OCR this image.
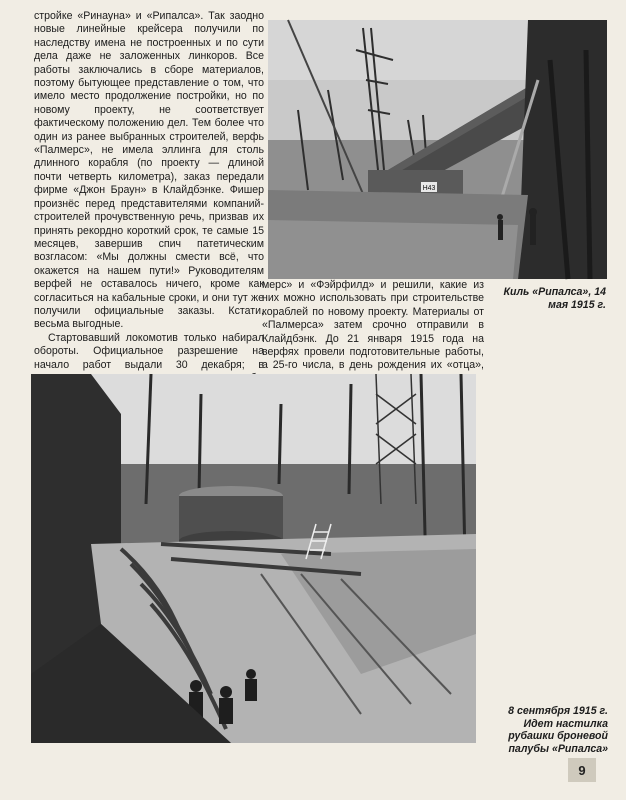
стройке «Ринауна» и «Рипалса». Так заодно новые линейные крейсера получили по наследству имена не построенных и по сути дела даже не заложенных линкоров. Все работы заключались в сборе материалов, поэтому бытующее представление о том, что имело место продолжение постройки, но по новому проекту, не соответствует фактическому положению дел. Тем более что один из ранее выбранных строителей, верфь «Палмерс», не имела эллинга для столь длинного корабля (по проекту — длиной почти четверть километра), заказ передали фирме «Джон Браун» в Клайдбэнке. Фишер произнёс перед представителями компаний-строителей прочувственную речь, призвав их принять рекордно короткий срок, те самые 15 месяцев, завершив спич патетическим возгласом: «Мы должны смести всё, что окажется на нашем пути!» Руководителям верфей не оставалось ничего, кроме как согласиться на кабальные сроки, и они тут же получили официальные заказы. Кстати, весьма выгодные.

Стартовавший локомотив только набирал обороты. Официальное разрешение на начало работ выдали 30 декабря; в

H43

мерс» и «Фэйрфилд» и решили, какие из них можно использовать при строительстве кораблей по новому проекту. Материалы от «Палмерса» затем срочно отправили в Клайдбэнк. До 21 января 1915 года на верфях провели подготовительные работы, а 25-го числа, в день рождения их «отца»,

Киль «Рипалса», 14 мая 1915 г.
8 сентября 1915 г. Идет настилка рубашки броневой палубы «Рипалса»
9
